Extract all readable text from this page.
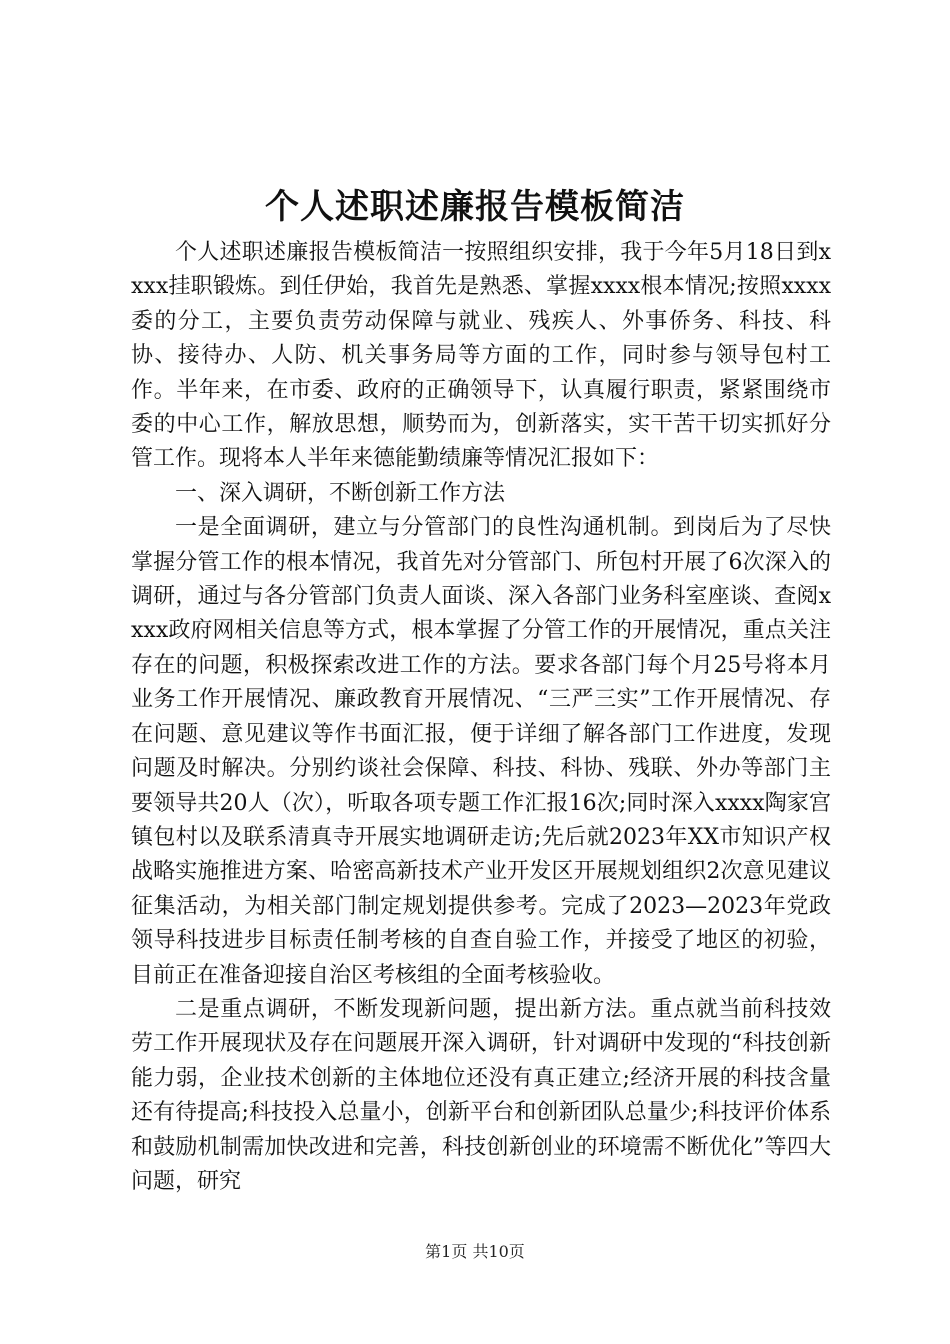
个人述职述廉报告模板简洁

个人述职述廉报告模板简洁一按照组织安排，我于今年5月18日到xxxx挂职锻炼。到任伊始，我首先是熟悉、掌握xxxx根本情况;按照xxxx委的分工，主要负责劳动保障与就业、残疾人、外事侨务、科技、科协、接待办、人防、机关事务局等方面的工作，同时参与领导包村工作。半年来，在市委、政府的正确领导下，认真履行职责，紧紧围绕市委的中心工作，解放思想，顺势而为，创新落实，实干苦干切实抓好分管工作。现将本人半年来德能勤绩廉等情况汇报如下：

一、深入调研，不断创新工作方法

一是全面调研，建立与分管部门的良性沟通机制。到岗后为了尽快掌握分管工作的根本情况，我首先对分管部门、所包村开展了6次深入的调研，通过与各分管部门负责人面谈、深入各部门业务科室座谈、查阅xxxx政府网相关信息等方式，根本掌握了分管工作的开展情况，重点关注存在的问题，积极探索改进工作的方法。要求各部门每个月25号将本月业务工作开展情况、廉政教育开展情况、“三严三实”工作开展情况、存在问题、意见建议等作书面汇报，便于详细了解各部门工作进度，发现问题及时解决。分别约谈社会保障、科技、科协、残联、外办等部门主要领导共20人（次），听取各项专题工作汇报16次;同时深入xxxx陶家宫镇包村以及联系清真寺开展实地调研走访;先后就2023年XX市知识产权战略实施推进方案、哈密高新技术产业开发区开展规划组织2次意见建议征集活动，为相关部门制定规划提供参考。完成了2023—2023年党政领导科技进步目标责任制考核的自查自验工作，并接受了地区的初验，目前正在准备迎接自治区考核组的全面考核验收。

二是重点调研，不断发现新问题，提出新方法。重点就当前科技效劳工作开展现状及存在问题展开深入调研，针对调研中发现的“科技创新能力弱，企业技术创新的主体地位还没有真正建立;经济开展的科技含量还有待提高;科技投入总量小，创新平台和创新团队总量少;科技评价体系和鼓励机制需加快改进和完善，科技创新创业的环境需不断优化”等四大问题，研究

第1页 共10页
